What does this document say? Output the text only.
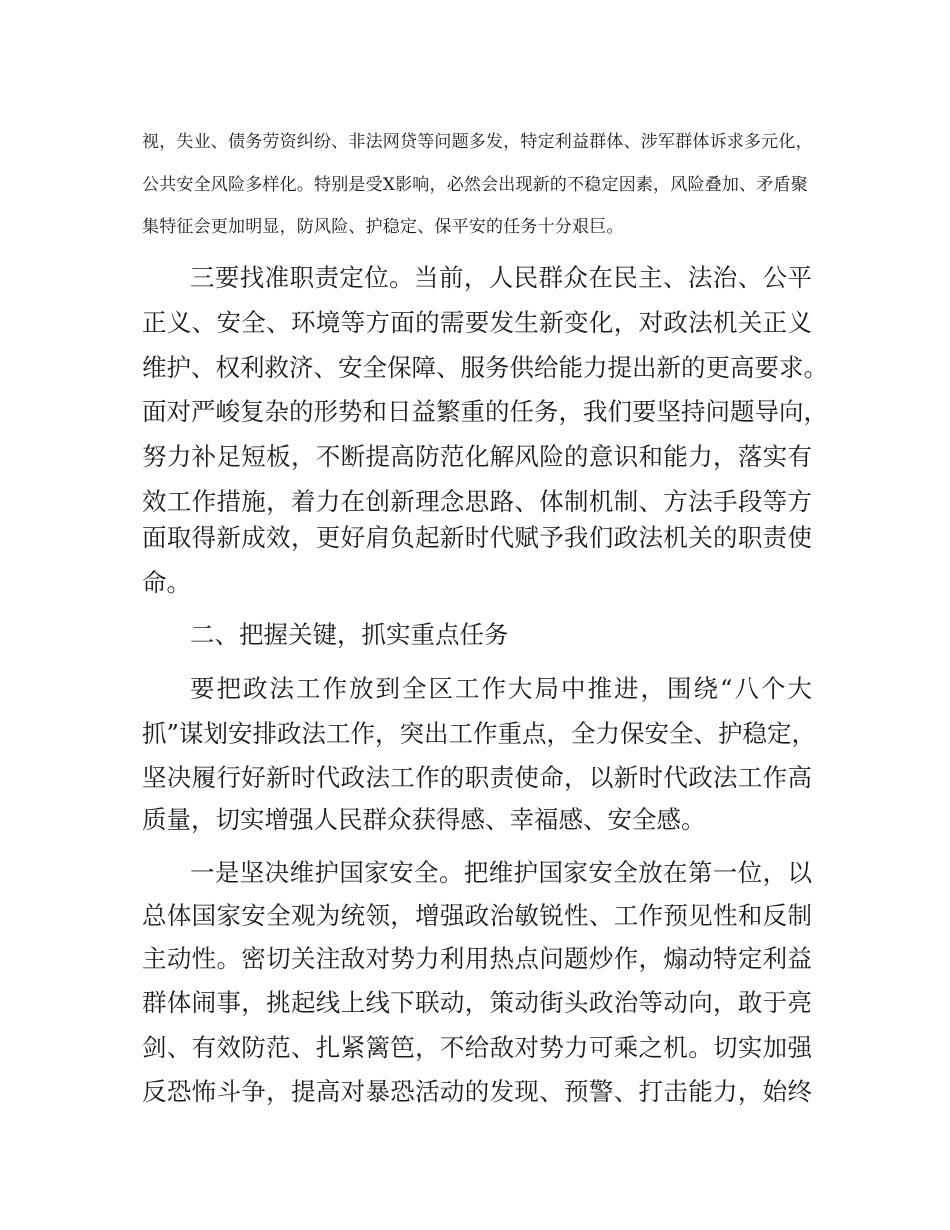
视，失业、债务劳资纠纷、非法网贷等问题多发，特定利益群体、涉军群体诉求多元化，
公共安全风险多样化。特别是受X影响，必然会出现新的不稳定因素，风险叠加、矛盾聚
集特征会更加明显，防风险、护稳定、保平安的任务十分艰巨。
三要找准职责定位。当前，人民群众在民主、法治、公平
正义、安全、环境等方面的需要发生新变化，对政法机关正义
维护、权利救济、安全保障、服务供给能力提出新的更高要求。
面对严峻复杂的形势和日益繁重的任务，我们要坚持问题导向，
努力补足短板，不断提高防范化解风险的意识和能力，落实有
效工作措施，着力在创新理念思路、体制机制、方法手段等方
面取得新成效，更好肩负起新时代赋予我们政法机关的职责使
命。
二、把握关键，抓实重点任务
要把政法工作放到全区工作大局中推进，围绕“八个大
抓”谋划安排政法工作，突出工作重点，全力保安全、护稳定，
坚决履行好新时代政法工作的职责使命，以新时代政法工作高
质量，切实增强人民群众获得感、幸福感、安全感。
一是坚决维护国家安全。把维护国家安全放在第一位，以
总体国家安全观为统领，增强政治敏锐性、工作预见性和反制
主动性。密切关注敌对势力利用热点问题炒作，煽动特定利益
群体闹事，挑起线上线下联动，策动街头政治等动向，敢于亮
剑、有效防范、扎紧篱笆，不给敌对势力可乘之机。切实加强
反恐怖斗争，提高对暴恐活动的发现、预警、打击能力，始终
